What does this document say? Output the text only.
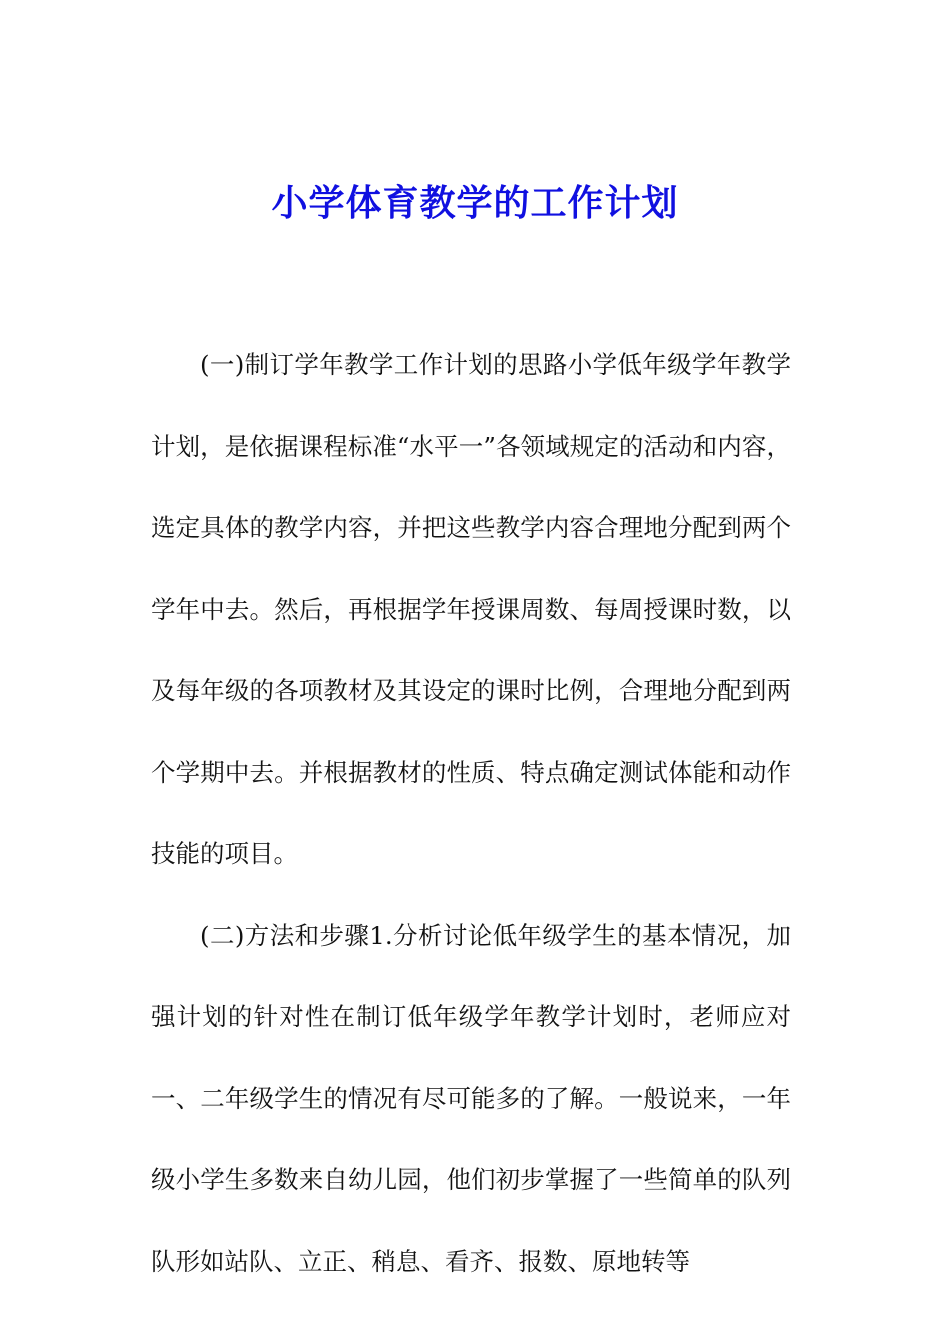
小学体育教学的工作计划

(一)制订学年教学工作计划的思路小学低年级学年教学计划，是依据课程标准“水平一”各领域规定的活动和内容，选定具体的教学内容，并把这些教学内容合理地分配到两个学年中去。然后，再根据学年授课周数、每周授课时数，以及每年级的各项教材及其设定的课时比例，合理地分配到两个学期中去。并根据教材的性质、特点确定测试体能和动作技能的项目。

(二)方法和步骤1.分析讨论低年级学生的基本情况，加强计划的针对性在制订低年级学年教学计划时，老师应对一、二年级学生的情况有尽可能多的了解。一般说来，一年级小学生多数来自幼儿园，他们初步掌握了一些简单的队列队形如站队、立正、稍息、看齐、报数、原地转等
